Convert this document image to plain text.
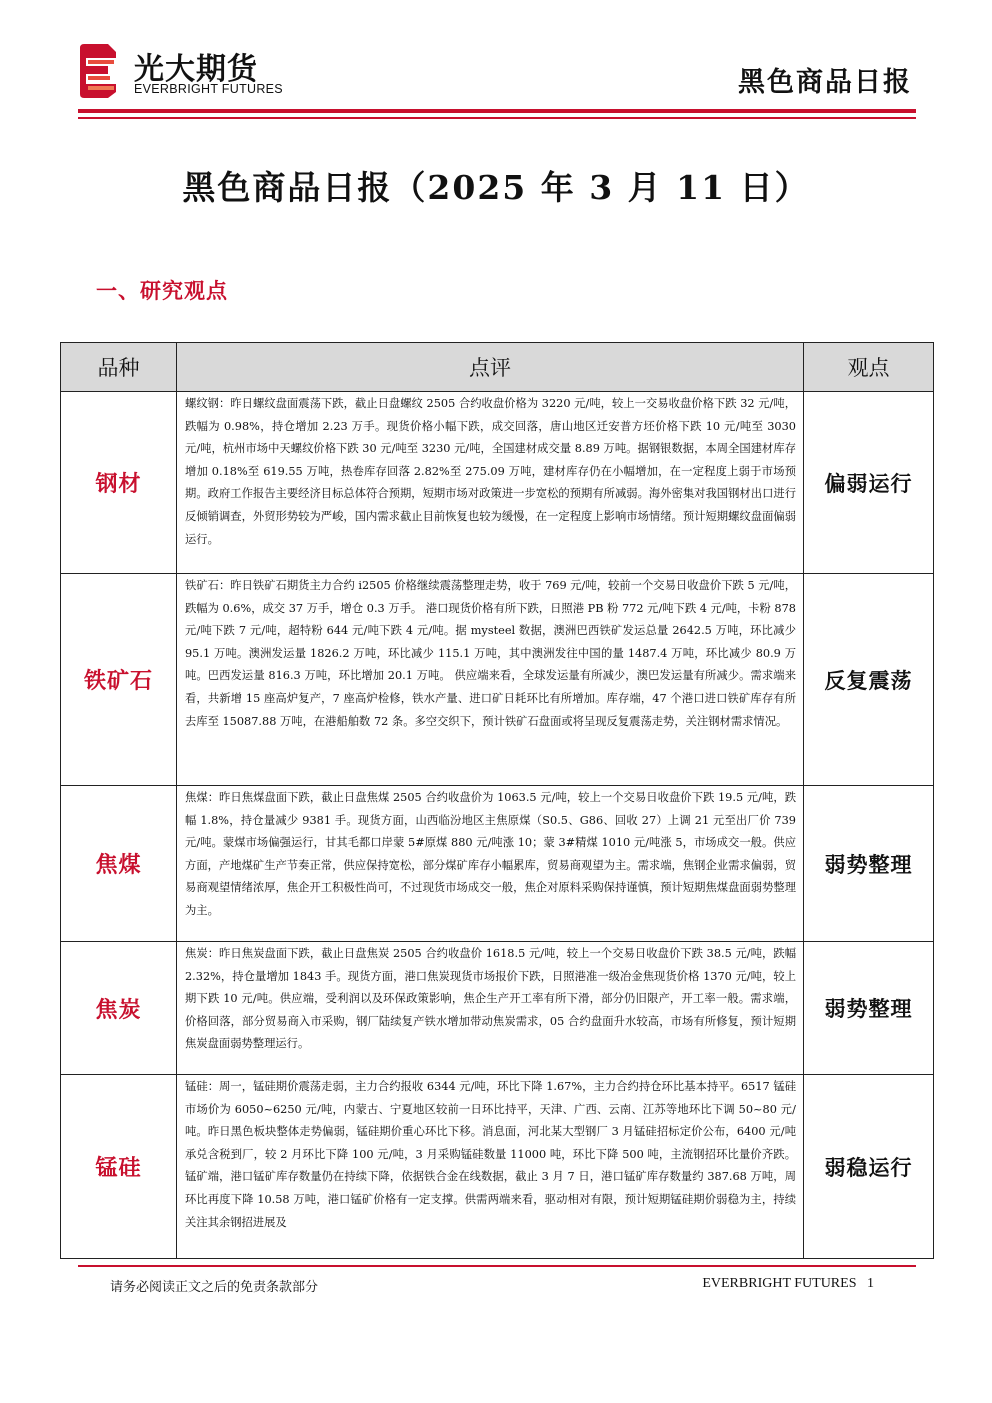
光大期货
EVERBRIGHT FUTURES	黑色商品日报
黑色商品日报（2025 年 3 月 11 日）
一、研究观点
品种	点评	观点
钢材	螺纹钢：昨日螺纹盘面震荡下跌，截止日盘螺纹 2505 合约收盘价格为 3220 元/吨，较上一交易收盘价格下跌 32 元/吨，跌幅为 0.98%，持仓增加 2.23 万手。现货价格小幅下跌，成交回落，唐山地区迁安普方坯价格下跌 10 元/吨至 3030 元/吨，杭州市场中天螺纹价格下跌 30 元/吨至 3230 元/吨，全国建材成交量 8.89 万吨。据钢银数据，本周全国建材库存增加 0.18%至 619.55 万吨，热卷库存回落 2.82%至 275.09 万吨，建材库存仍在小幅增加，在一定程度上弱于市场预期。政府工作报告主要经济目标总体符合预期，短期市场对政策进一步宽松的预期有所减弱。海外密集对我国钢材出口进行反倾销调查，外贸形势较为严峻，国内需求截止目前恢复也较为缓慢，在一定程度上影响市场情绪。预计短期螺纹盘面偏弱运行。	偏弱运行
铁矿石	铁矿石：昨日铁矿石期货主力合约 i2505 价格继续震荡整理走势，收于 769 元/吨，较前一个交易日收盘价下跌 5 元/吨，跌幅为 0.6%，成交 37 万手，增仓 0.3 万手。 港口现货价格有所下跌，日照港 PB 粉 772 元/吨下跌 4 元/吨，卡粉 878 元/吨下跌 7 元/吨，超特粉 644 元/吨下跌 4 元/吨。据 mysteel 数据，澳洲巴西铁矿发运总量 2642.5 万吨，环比减少 95.1 万吨。澳洲发运量 1826.2 万吨，环比减少 115.1 万吨，其中澳洲发往中国的量 1487.4 万吨，环比减少 80.9 万吨。巴西发运量 816.3 万吨，环比增加 20.1 万吨。 供应端来看，全球发运量有所减少，澳巴发运量有所减少。需求端来看，共新增 15 座高炉复产，7 座高炉检修，铁水产量、进口矿日耗环比有所增加。库存端，47 个港口进口铁矿库存有所去库至 15087.88 万吨，在港船舶数 72 条。多空交织下，预计铁矿石盘面或将呈现反复震荡走势，关注钢材需求情况。	反复震荡
焦煤	焦煤：昨日焦煤盘面下跌，截止日盘焦煤 2505 合约收盘价为 1063.5 元/吨，较上一个交易日收盘价下跌 19.5 元/吨，跌幅 1.8%，持仓量减少 9381 手。现货方面，山西临汾地区主焦原煤（S0.5、G86、回收 27）上调 21 元至出厂价 739 元/吨。蒙煤市场偏强运行，甘其毛都口岸蒙 5#原煤 880 元/吨涨 10；蒙 3#精煤 1010 元/吨涨 5，市场成交一般。供应方面，产地煤矿生产节奏正常，供应保持宽松，部分煤矿库存小幅累库，贸易商观望为主。需求端，焦钢企业需求偏弱，贸易商观望情绪浓厚，焦企开工积极性尚可，不过现货市场成交一般，焦企对原料采购保持谨慎，预计短期焦煤盘面弱势整理为主。	弱势整理
焦炭	焦炭：昨日焦炭盘面下跌，截止日盘焦炭 2505 合约收盘价 1618.5 元/吨，较上一个交易日收盘价下跌 38.5 元/吨，跌幅 2.32%，持仓量增加 1843 手。现货方面，港口焦炭现货市场报价下跌，日照港准一级冶金焦现货价格 1370 元/吨，较上期下跌 10 元/吨。供应端，受利润以及环保政策影响，焦企生产开工率有所下滑，部分仍旧限产，开工率一般。需求端，价格回落，部分贸易商入市采购，钢厂陆续复产铁水增加带动焦炭需求，05 合约盘面升水较高，市场有所修复，预计短期焦炭盘面弱势整理运行。	弱势整理
锰硅	锰硅：周一，锰硅期价震荡走弱，主力合约报收 6344 元/吨，环比下降 1.67%，主力合约持仓环比基本持平。6517 锰硅市场价为 6050~6250 元/吨，内蒙古、宁夏地区较前一日环比持平，天津、广西、云南、江苏等地环比下调 50~80 元/吨。昨日黑色板块整体走势偏弱，锰硅期价重心环比下移。消息面，河北某大型钢厂 3 月锰硅招标定价公布，6400 元/吨承兑含税到厂，较 2 月环比下降 100 元/吨，3 月采购锰硅数量 11000 吨，环比下降 500 吨，主流钢招环比量价齐跌。锰矿端，港口锰矿库存数量仍在持续下降，依据铁合金在线数据，截止 3 月 7 日，港口锰矿库存数量约 387.68 万吨，周环比再度下降 10.58 万吨，港口锰矿价格有一定支撑。供需两端来看，驱动相对有限，预计短期锰硅期价弱稳为主，持续关注其余钢招进展及	弱稳运行
请务必阅读正文之后的免责条款部分	EVERBRIGHT FUTURES 1
